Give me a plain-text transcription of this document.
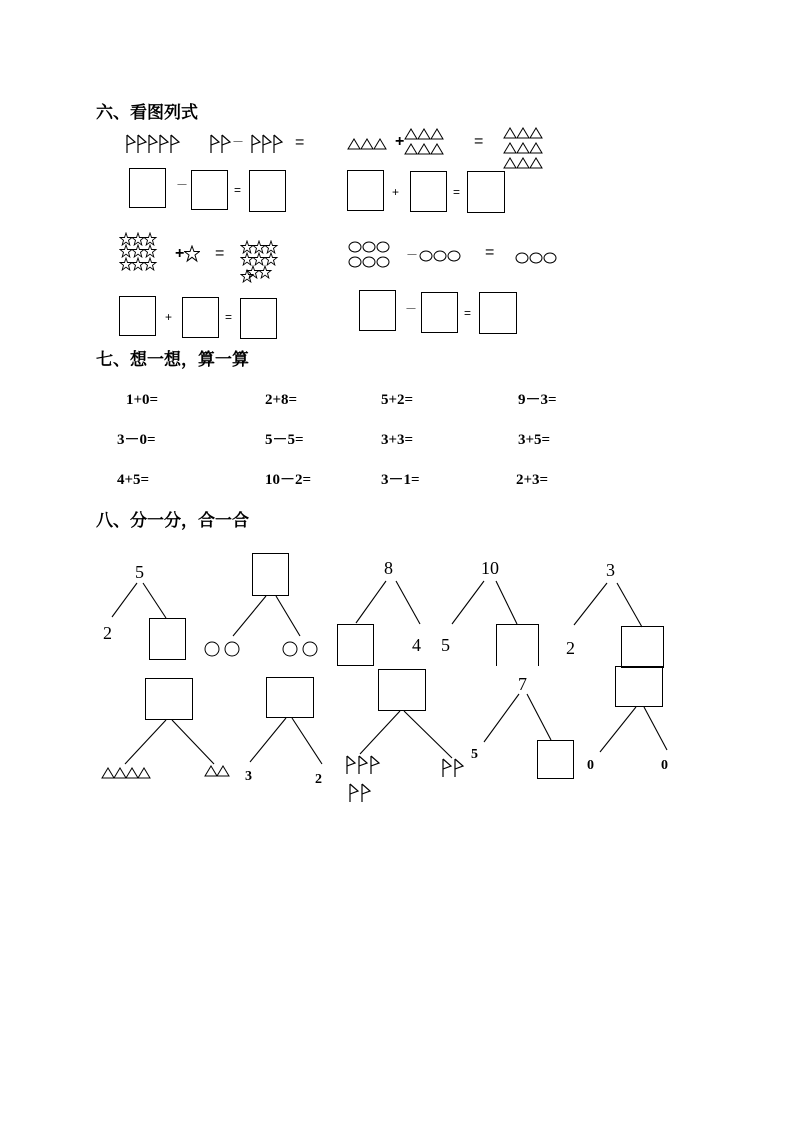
六、看图列式
－	=
－	=
+	=
+	=
+ =
+	=
－	=
－	=
七、想一想，算一算
1+0=	2+8=	5+2=	9－3=
3－0=	5－5=	3+3=	3+5=
4+5=	10－2=	3－1=	2+3=
八、分一分，合一合
5
2
8
4
10
5
3
2
3	2
7
5
0	0
